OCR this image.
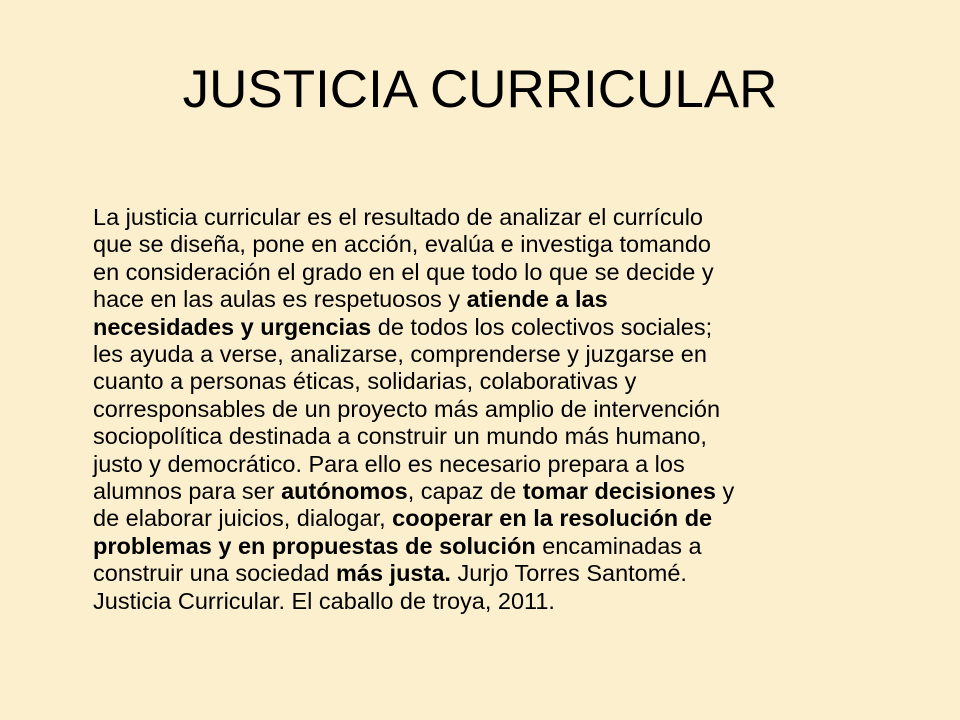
JUSTICIA CURRICULAR
La justicia curricular es el resultado de analizar el currículo
que se diseña, pone en acción, evalúa e investiga tomando
en consideración el grado en el que todo lo que se decide y
hace en las aulas es respetuosos y atiende a las
necesidades y urgencias de todos los colectivos sociales;
les ayuda a verse, analizarse, comprenderse y juzgarse en
cuanto a personas éticas, solidarias, colaborativas y
corresponsables de un proyecto más amplio de intervención
sociopolítica destinada a construir un mundo más humano,
justo y democrático. Para ello es necesario prepara a los
alumnos para ser autónomos, capaz de tomar decisiones y
de elaborar juicios, dialogar, cooperar en la resolución de
problemas y en propuestas de solución encaminadas a
construir una sociedad más justa. Jurjo Torres Santomé.
Justicia Curricular. El caballo de troya, 2011.
